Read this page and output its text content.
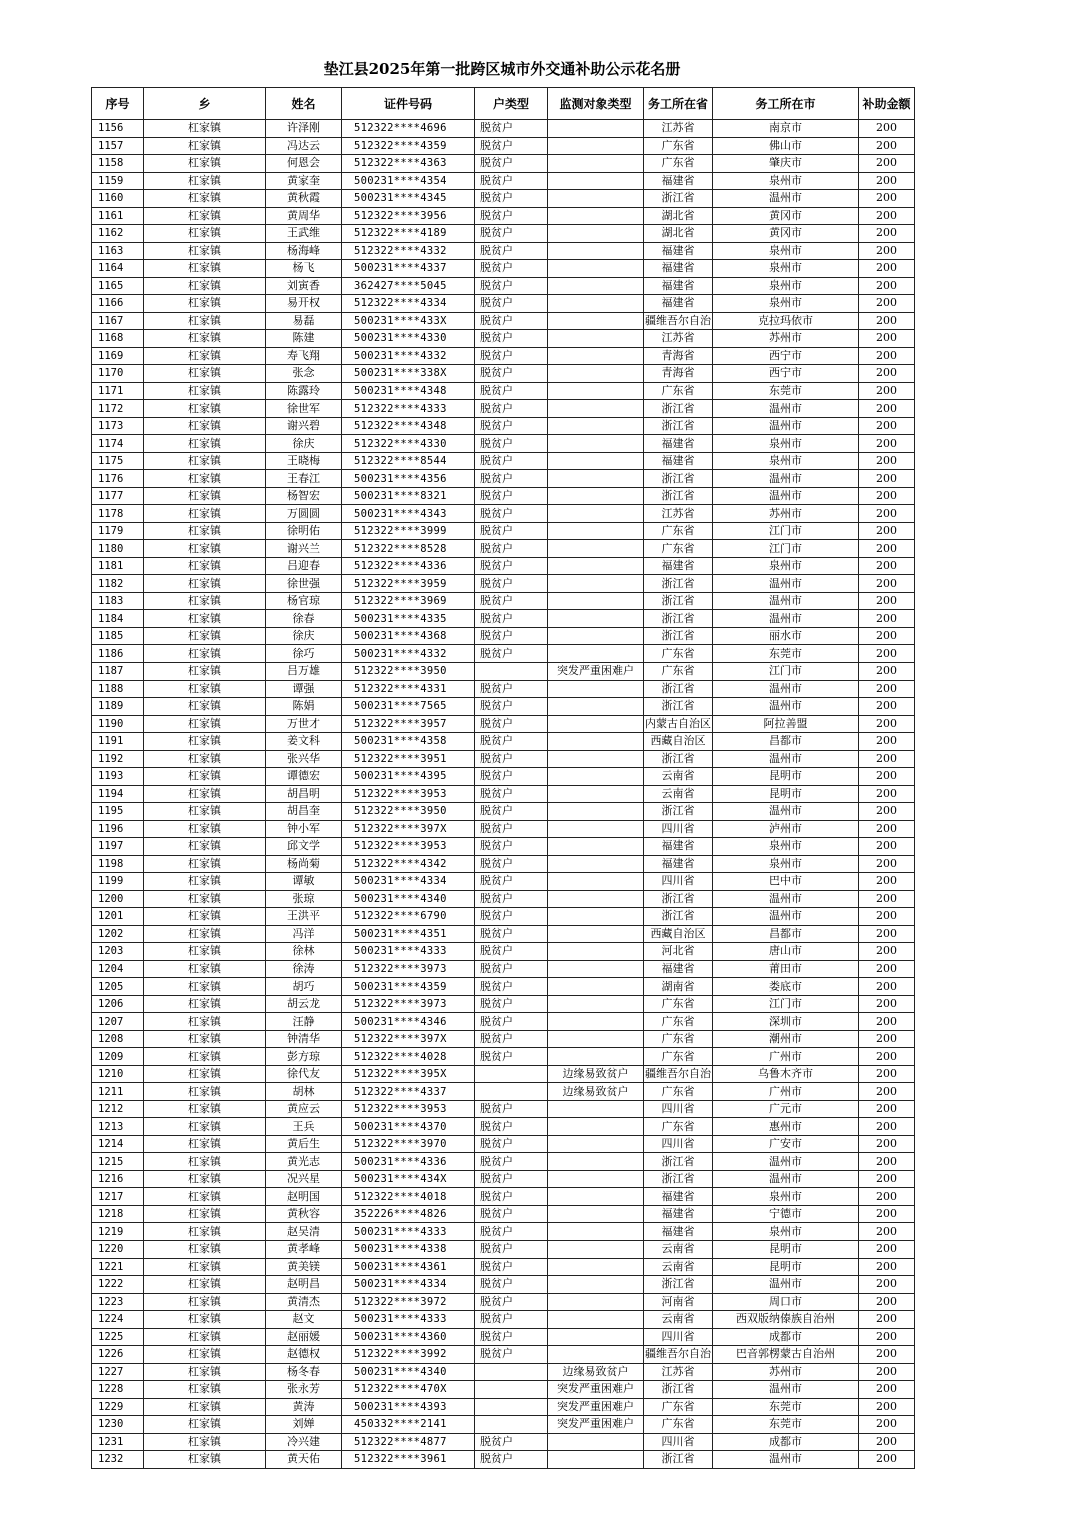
垫江县2025年第一批跨区城市外交通补助公示花名册
序号	乡	姓名	证件号码	户类型	监测对象类型	务工所在省	务工所在市	补助金额
1156	杠家镇	许泽刚	512322****4696	脱贫户		江苏省	南京市	200
1157	杠家镇	冯达云	512322****4359	脱贫户		广东省	佛山市	200
1158	杠家镇	何恩会	512322****4363	脱贫户		广东省	肇庆市	200
1159	杠家镇	黄家奎	500231****4354	脱贫户		福建省	泉州市	200
1160	杠家镇	黄秋霞	500231****4345	脱贫户		浙江省	温州市	200
1161	杠家镇	黄周华	512322****3956	脱贫户		湖北省	黄冈市	200
1162	杠家镇	王武维	512322****4189	脱贫户		湖北省	黄冈市	200
1163	杠家镇	杨海峰	512322****4332	脱贫户		福建省	泉州市	200
1164	杠家镇	杨飞	500231****4337	脱贫户		福建省	泉州市	200
1165	杠家镇	刘寅香	362427****5045	脱贫户		福建省	泉州市	200
1166	杠家镇	易开权	512322****4334	脱贫户		福建省	泉州市	200
1167	杠家镇	易磊	500231****433X	脱贫户		疆维吾尔自治	克拉玛依市	200
1168	杠家镇	陈建	500231****4330	脱贫户		江苏省	苏州市	200
1169	杠家镇	寿飞翔	500231****4332	脱贫户		青海省	西宁市	200
1170	杠家镇	张念	500231****338X	脱贫户		青海省	西宁市	200
1171	杠家镇	陈露玲	500231****4348	脱贫户		广东省	东莞市	200
1172	杠家镇	徐世军	512322****4333	脱贫户		浙江省	温州市	200
1173	杠家镇	谢兴碧	512322****4348	脱贫户		浙江省	温州市	200
1174	杠家镇	徐庆	512322****4330	脱贫户		福建省	泉州市	200
1175	杠家镇	王晓梅	512322****8544	脱贫户		福建省	泉州市	200
1176	杠家镇	王春江	500231****4356	脱贫户		浙江省	温州市	200
1177	杠家镇	杨智宏	500231****8321	脱贫户		浙江省	温州市	200
1178	杠家镇	万圆圆	500231****4343	脱贫户		江苏省	苏州市	200
1179	杠家镇	徐明佑	512322****3999	脱贫户		广东省	江门市	200
1180	杠家镇	谢兴兰	512322****8528	脱贫户		广东省	江门市	200
1181	杠家镇	吕迎春	512322****4336	脱贫户		福建省	泉州市	200
1182	杠家镇	徐世强	512322****3959	脱贫户		浙江省	温州市	200
1183	杠家镇	杨官琼	512322****3969	脱贫户		浙江省	温州市	200
1184	杠家镇	徐春	500231****4335	脱贫户		浙江省	温州市	200
1185	杠家镇	徐庆	500231****4368	脱贫户		浙江省	丽水市	200
1186	杠家镇	徐巧	500231****4332	脱贫户		广东省	东莞市	200
1187	杠家镇	吕万雄	512322****3950		突发严重困难户	广东省	江门市	200
1188	杠家镇	谭强	512322****4331	脱贫户		浙江省	温州市	200
1189	杠家镇	陈娟	500231****7565	脱贫户		浙江省	温州市	200
1190	杠家镇	万世才	512322****3957	脱贫户		内蒙古自治区	阿拉善盟	200
1191	杠家镇	姜文科	500231****4358	脱贫户		西藏自治区	昌都市	200
1192	杠家镇	张兴华	512322****3951	脱贫户		浙江省	温州市	200
1193	杠家镇	谭德宏	500231****4395	脱贫户		云南省	昆明市	200
1194	杠家镇	胡昌明	512322****3953	脱贫户		云南省	昆明市	200
1195	杠家镇	胡昌奎	512322****3950	脱贫户		浙江省	温州市	200
1196	杠家镇	钟小军	512322****397X	脱贫户		四川省	泸州市	200
1197	杠家镇	邱文学	512322****3953	脱贫户		福建省	泉州市	200
1198	杠家镇	杨尚菊	512322****4342	脱贫户		福建省	泉州市	200
1199	杠家镇	谭敏	500231****4334	脱贫户		四川省	巴中市	200
1200	杠家镇	张琼	500231****4340	脱贫户		浙江省	温州市	200
1201	杠家镇	王洪平	512322****6790	脱贫户		浙江省	温州市	200
1202	杠家镇	冯洋	500231****4351	脱贫户		西藏自治区	昌都市	200
1203	杠家镇	徐林	500231****4333	脱贫户		河北省	唐山市	200
1204	杠家镇	徐涛	512322****3973	脱贫户		福建省	莆田市	200
1205	杠家镇	胡巧	500231****4359	脱贫户		湖南省	娄底市	200
1206	杠家镇	胡云龙	512322****3973	脱贫户		广东省	江门市	200
1207	杠家镇	汪静	500231****4346	脱贫户		广东省	深圳市	200
1208	杠家镇	钟清华	512322****397X	脱贫户		广东省	潮州市	200
1209	杠家镇	彭方琼	512322****4028	脱贫户		广东省	广州市	200
1210	杠家镇	徐代友	512322****395X		边缘易致贫户	疆维吾尔自治	乌鲁木齐市	200
1211	杠家镇	胡林	512322****4337		边缘易致贫户	广东省	广州市	200
1212	杠家镇	黄应云	512322****3953	脱贫户		四川省	广元市	200
1213	杠家镇	王兵	500231****4370	脱贫户		广东省	惠州市	200
1214	杠家镇	黄后生	512322****3970	脱贫户		四川省	广安市	200
1215	杠家镇	黄光志	500231****4336	脱贫户		浙江省	温州市	200
1216	杠家镇	况兴星	500231****434X	脱贫户		浙江省	温州市	200
1217	杠家镇	赵明国	512322****4018	脱贫户		福建省	泉州市	200
1218	杠家镇	黄秋容	352226****4826	脱贫户		福建省	宁德市	200
1219	杠家镇	赵吴清	500231****4333	脱贫户		福建省	泉州市	200
1220	杠家镇	黄孝峰	500231****4338	脱贫户		云南省	昆明市	200
1221	杠家镇	黄美镁	500231****4361	脱贫户		云南省	昆明市	200
1222	杠家镇	赵明昌	500231****4334	脱贫户		浙江省	温州市	200
1223	杠家镇	黄清杰	512322****3972	脱贫户		河南省	周口市	200
1224	杠家镇	赵文	500231****4333	脱贫户		云南省	西双版纳傣族自治州	200
1225	杠家镇	赵丽媛	500231****4360	脱贫户		四川省	成都市	200
1226	杠家镇	赵德权	512322****3992	脱贫户		疆维吾尔自治	巴音郭楞蒙古自治州	200
1227	杠家镇	杨冬春	500231****4340		边缘易致贫户	江苏省	苏州市	200
1228	杠家镇	张永芳	512322****470X		突发严重困难户	浙江省	温州市	200
1229	杠家镇	黄涛	500231****4393		突发严重困难户	广东省	东莞市	200
1230	杠家镇	刘婵	450332****2141		突发严重困难户	广东省	东莞市	200
1231	杠家镇	冷兴建	512322****4877	脱贫户		四川省	成都市	200
1232	杠家镇	黄天佑	512322****3961	脱贫户		浙江省	温州市	200
